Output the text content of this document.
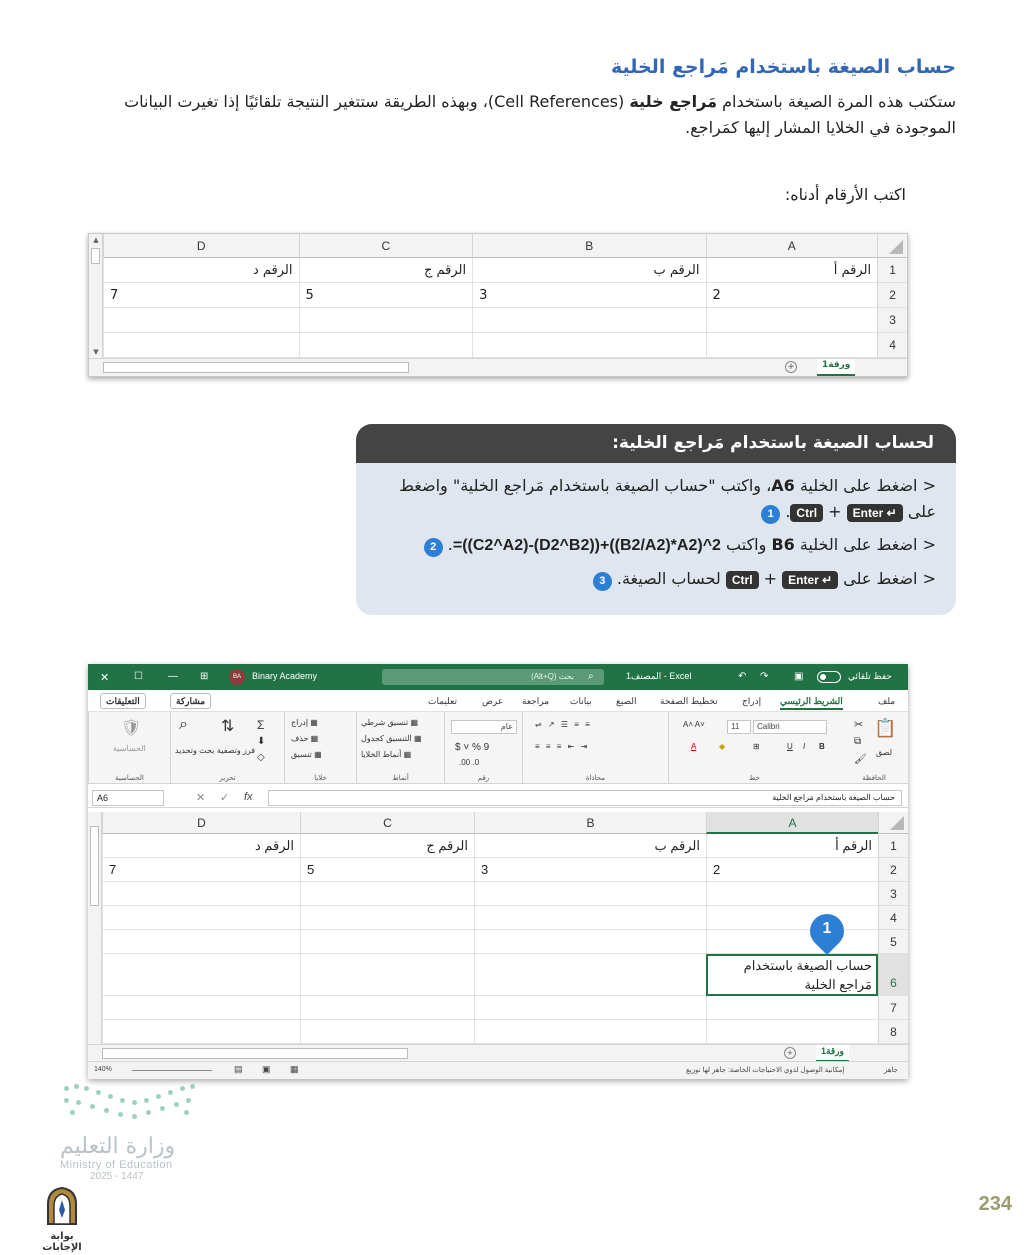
حساب الصيغة باستخدام مَراجع الخلية
ستكتب هذه المرة الصيغة باستخدام مَراجع خلية (Cell References)، وبهذه الطريقة ستتغير النتيجة تلقائيًا إذا تغيرت البيانات الموجودة في الخلايا المشار إليها كمَراجع.
اكتب الأرقام أدناه:
▲
▼
A
B
C
D
1
الرقم أ
الرقم ب
الرقم ج
الرقم د
2
2
3
5
7
3
4
+	ورقة1
لحساب الصيغة باستخدام مَراجع الخلية:

< اضغط على الخلية A6، واكتب "حساب الصيغة باستخدام مَراجع الخلية" واضغط على Enter ↵ + Ctrl. 1

< اضغط على الخلية B6 واكتب =((C2^A2)-(D2^B2))+((B2/A2)*A2)^2. 2

< اضغط على Enter ↵ + Ctrl لحساب الصيغة. 3

✕ ☐	— ⊞	BA	Binary Academy	بحث (Alt+Q)	⌕	المصنف1 - Excel	↶ ↷	▣	حفظ تلقائي
ملف
الشريط الرئيسي
إدراج
تخطيط الصفحة
الصيغ
بيانات
مراجعة
عرض
تعليمات
مشاركة
التعليقات
📋
لصق
✂
⧉
🖌
الحافظة
Calibri
11
A˄ A˅
B
I
U
⊞
◆
A
خط
⇌ ↗ ☰ ≡ ≡
≡ ≡ ≡ ⇤ ⇥
محاذاة
عام
$ ˅ % 9
.00 .0
رقم
▦ تنسيق شرطي
▦ التنسيق كجدول
▦ أنماط الخلايا
أنماط
▦ إدراج
▦ حذف
▦ تنسيق
خلايا
Σ
⬇
◇
⇅
فرز وتصفية
⌕
بحث وتحديد
تحرير
🛡
الحساسية
الحساسية
A6	✕ ✓ fx	حساب الصيغة باستخدام مَراجع الخلية
A
B
C
D
1
الرقم أ
الرقم ب
الرقم ج
الرقم د
2
2
3
5
7
3
4
5
6
حساب الصيغة باستخدام مَراجع الخلية
7
8
+	ورقة1
140%	▤ ▣ ▦	إمكانية الوصول لذوي الاحتياجات الخاصة: جاهز لها توزيع	جاهز
1
وزارة التعليم
Ministry of Education
2025 - 1447
بوابة الإجابات
234
